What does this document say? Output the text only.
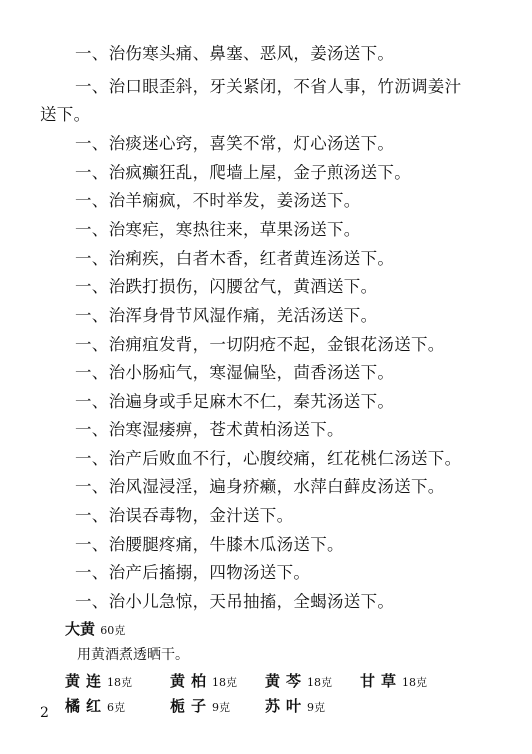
一、治伤寒头痛、鼻塞、恶风，姜汤送下。
一、治口眼歪斜，牙关紧闭，不省人事，竹沥调姜汁
送下。
一、治痰迷心窍，喜笑不常，灯心汤送下。
一、治疯癫狂乱，爬墙上屋，金子煎汤送下。
一、治羊痫疯，不时举发，姜汤送下。
一、治寒疟，寒热往来，草果汤送下。
一、治痢疾，白者木香，红者黄连汤送下。
一、治跌打损伤，闪腰岔气，黄酒送下。
一、治浑身骨节风湿作痛，羌活汤送下。
一、治痈疽发背，一切阴疮不起，金银花汤送下。
一、治小肠疝气，寒湿偏坠，茴香汤送下。
一、治遍身或手足麻木不仁，秦艽汤送下。
一、治寒湿痿痹，苍术黄柏汤送下。
一、治产后败血不行，心腹绞痛，红花桃仁汤送下。
一、治风湿浸淫，遍身疥癞，水萍白藓皮汤送下。
一、治误吞毒物，金汁送下。
一、治腰腿疼痛，牛膝木瓜汤送下。
一、治产后搐搦，四物汤送下。
一、治小儿急惊，天吊抽搐，全蝎汤送下。
大黄 60克
用黄酒煮透晒干。
黄连18克	黄柏18克 黄芩18克 甘草18克
橘红6克	栀子9克 苏叶9克
2
